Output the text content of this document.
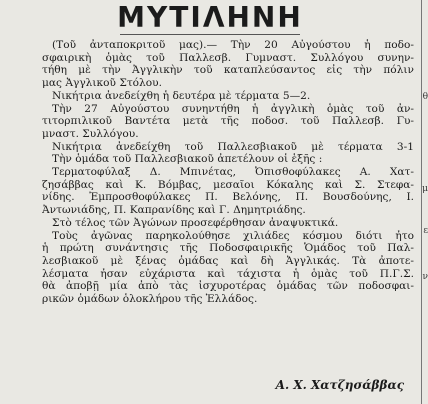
θ
μ
ε
ν
ΜΥΤΙΛΗΝΗ
(Τοῦ ἀνταποκριτοῦ μας).— Τὴν 20 Αὐγούστου ἡ ποδο-
σφαιρικὴ ὁμὰς τοῦ Παλλεσβ. Γυμναστ. Συλλόγου συνην-
τήθη μὲ τὴν Ἀγγλικὴν τοῦ καταπλεύσαντος εἰς τὴν πόλιν
μας Ἀγγλικοῦ Στόλου.
Νικήτρια ἀνεδείχθη ἡ δευτέρα μὲ τέρματα 5—2.
Τὴν 27 Αὐγούστου συνηντήθη ἡ ἀγγλικὴ ὁμὰς τοῦ ἀν-
τιτορπιλικοῦ Βαντέτα μετὰ τῆς ποδοσ. τοῦ Παλλεσβ. Γυ-
μναστ. Συλλόγου.
Νικήτρια ἀνεδείχθη τοῦ Παλλεσβιακοῦ μὲ τέρματα 3-1
Τὴν ὁμάδα τοῦ Παλλεσβιακοῦ ἀπετέλουν οἱ ἑξῆς :
Τερματοφύλαξ Δ. Μπινέτας, Ὀπισθοφύλακες Α. Χατ-
ζησάββας καὶ Κ. Βόμβας, μεσαῖοι Κόκαλης καὶ Σ. Στεφα-
νίδης. Ἐμπροσθοφύλακες Π. Βελόνης, Π. Βουσδούνης, Ι.
Ἀντωνιάδης, Π. Καπρανίδης καὶ Γ. Δημητριάδης.
Στὸ τέλος τῶν Ἀγώνων προσεφέρθησαν ἀναψυκτικά.
Τοὺς ἀγῶνας παρηκολούθησε χιλιάδες κόσμου διότι ἦτο
ἡ πρώτη συνάντησις τῆς Ποδοσφαιρικῆς Ὁμάδος τοῦ Παλ-
λεσβιακοῦ μὲ ξένας ὁμάδας καὶ δὴ Ἀγγλικάς. Τὰ ἀποτε-
λέσματα ἦσαν εὐχάριστα καὶ τάχιστα ἡ ὁμὰς τοῦ Π.Γ.Σ.
θὰ ἀποβῇ μία ἀπὸ τὰς ἰσχυροτέρας ὁμάδας τῶν ποδοσφαι-
ρικῶν ὁμάδων ὁλοκλήρου τῆς Ἑλλάδος.
Α. Χ. Χατζησάββας
